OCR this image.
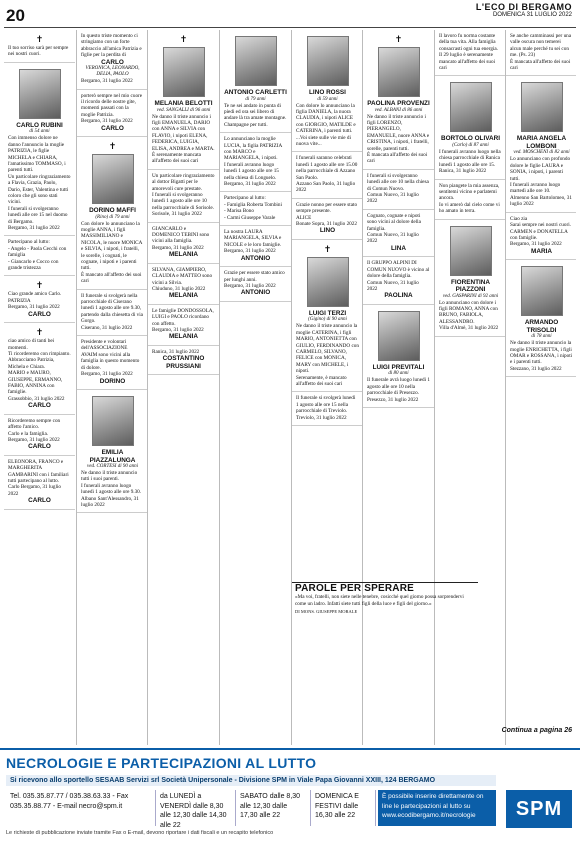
20	L'ECO DI BERGAMO
DOMENICA 31 LUGLIO 2022
✝
Il tuo sorriso sarà per sempre nei nostri cuori.
CARLO RUBINI
di 54 anni
Con immenso dolore ne danno l'annuncio la moglie PATRIZIA, le figlie MICHELA e CHIARA, l'amatissimo TOMMASO, i parenti tutti.
Un particolare ringraziamento a Flavia, Grazia, Paolo, Dario, Ester, Valentina e tutti coloro che gli sono stati vicini.
I funerali si svolgeranno lunedì alle ore 15 nel duomo di Bergamo.
Bergamo, 31 luglio 2022
Partecipano al lutto:
- Angelo - Paola Cecchi con famiglia
- Giancarlo e Cocco con grande tristezza
✝
Ciao grande amico Carlo.
PATRIZIA
Bergamo, 31 luglio 2022
CARLO
✝
ciao amico di tanti bei momenti.
Ti ricorderemo con rimpianto.
Abbracciamo Patrizia, Michela e Chiara.
MARIO e MAURO, GIUSEPPE, ERMANNO, FABIO, ANNINA con famiglie.
Grassobbio, 31 luglio 2022
CARLO
Ricorderemo sempre con affetto l'amico.
Carlo e la famiglia.
Bergamo, 31 luglio 2022
CARLO
ELEONORA, FRANCO e MARGHERITA GAMBARINI con i familiari tutti partecipano al lutto.
Carlo Bergamo, 31 luglio 2022
CARLO
In questo triste momento ci stringiamo con un forte abbraccio all'amica Patrizia e figlie per la perdita di
CARLO
VERONICA, LEONARDO, DELIA, PAOLO
Bergamo, 31 luglio 2022
porterò sempre nel mio cuore il ricordo delle nostre gite, momenti passati con la moglie Patrizia.
Bergamo, 31 luglio 2022
CARLO
✝
DORINO MAFFI
(Rino) di 79 anni
Con dolore lo annunciano la moglie ANNA, i figli MASSIMILIANO e NICOLA, le nuore MONICA e SILVIA, i nipoti, i fratelli, le sorelle, i cognati, le cognate, i nipoti e i parenti tutti.
È mancato all'affetto dei suoi cari
Il funerale si svolgerà nella parrocchiale di Ciserano lunedì 1 agosto alle ore 9.30, partendo dalla chiesetta di via Gorgo.
Ciserano, 31 luglio 2022
Presidente e volontari dell'ASSOCIAZIONE AVAIM sono vicini alla famiglia in questo momento di dolore.
Bergamo, 31 luglio 2022
DORINO
EMILIA PIAZZALUNGA
ved. CORTESI di 90 anni
Ne danno il triste annuncio tutti i suoi parenti.
I funerali avranno luogo lunedì 1 agosto alle ore 9.30.
Albano Sant'Alessandro, 31 luglio 2022
✝
MELANIA BELOTTI
ved. SANGALLI di 96 anni
Ne danno il triste annuncio i figli EMANUELA, DARIO con ANNA e SILVIA con FLAVIO, i nipoti ELENA, FEDERICA, LUIGIA, ELISA, ANDREA e MARTA.
È serenamente mancata all'affetto dei suoi cari
Un particolare ringraziamento al dottor Bigatti per le amorevoli cure prestate.
I funerali si svolgeranno lunedì 1 agosto alle ore 10 nella parrocchiale di Sorisole.
Sorisole, 31 luglio 2022
GIANCARLO e DOMENICO TEBINI sono vicini alla famiglia.
Bergamo, 31 luglio 2022
MELANIA
SILVANA, GIAMPIERO, CLAUDIA e MATTEO sono vicini a Silvia.
Chiuduno, 31 luglio 2022
MELANIA
Le famiglie DONDOSSOLA, LUIGI e PAOLO ricordano con affetto.
Bergamo, 31 luglio 2022
MELANIA
Ranica, 31 luglio 2022
COSTANTINO PRUSSIANI
ANTONIO CARLETTI
di 79 anni
Te ne sei andato in punta di piedi ed ora sei libero di andare là tra amate montagne.
Champagne per tutti.
Lo annunciano la moglie LUCIA, la figlia PATRIZIA con MARCO e MARIANGELA, i nipoti.
I funerali avranno luogo lunedì 1 agosto alle ore 15 nella chiesa di Longuelo.
Bergamo, 31 luglio 2022
Partecipano al lutto:
- Famiglia Roberta Tombini
- Marisa Bono
- Carmi Giuseppe Varale
La nostra LAURA MARIANGELA, SILVIA e NICOLE e le loro famiglie.
Bergamo, 31 luglio 2022
ANTONIO
Grazie per essere stato amico per lunghi anni.
Bergamo, 31 luglio 2022
ANTONIO
LINO ROSSI
di 59 anni
Con dolore lo annunciano la figlia DANIELA, la nuora CLAUDIA, i nipoti ALICE con GIORGIO, MATILDE e CATERINA, i parenti tutti.
...Voi siete sulle vie mie di nuova vite...
I funerali saranno celebrati lunedì 1 agosto alle ore 15.00 nella parrocchiale di Azzano San Paolo.
Azzano San Paolo, 31 luglio 2022
Grazie nonno per essere stato sempre presente.
ALICE
Bonate Sopra, 31 luglio 2022
LINO
✝
LUIGI TERZI
(Gigino) di 90 anni
Ne danno il triste annuncio la moglie CATERINA, i figli MARIO, ANTONIETTA con GIULIO, FERDINANDO con CARMELO, SILVANO, FELICE con MONICA, MARY con MICHELE, i nipoti.
Serenamente, è mancato all'affetto dei suoi cari
Il funerale si svolgerà lunedì 1 agosto alle ore 15 nella parrocchiale di Treviolo.
Treviolo, 31 luglio 2022
✝
PAOLINA PROVENZI
ved. ALBANI di 86 anni
Ne danno il triste annuncio i figli LORENZO, PIERANGELO, EMANUELE, nuore ANNA e CRISTINA, i nipoti, i fratelli, sorelle, parenti tutti.
È mancata all'affetto dei suoi cari
I funerali si svolgeranno lunedì alle ore 10 nella chiesa di Comun Nuovo.
Comun Nuovo, 31 luglio 2022
Cognato, cognate e nipoti sono vicini al dolore della famiglia.
Comun Nuovo, 31 luglio 2022
LINA
Il GRUPPO ALPINI DI COMUN NUOVO è vicino al dolore della famiglia.
Comun Nuovo, 31 luglio 2022
PAOLINA
LUIGI PREVITALI
di 80 anni
Il funerale avrà luogo lunedì 1 agosto alle ore 10 nella parrocchiale di Presezzo.
Presezzo, 31 luglio 2022
Il lavoro fu norma costante della tua vita. Alla famiglia consacrasti ogni tua energia.
Il 29 luglio è serenamente mancato all'affetto dei suoi cari
BORTOLO OLIVARI
(Carlo) di 87 anni
I funerali avranno luogo nella chiesa parrocchiale di Ranica lunedì 1 agosto alle ore 15.
Ranica, 31 luglio 2022
Non piangete la mia assenza, sentitemi vicino e parlatemi ancora.
Io vi amerò dal cielo come vi ho amato in terra.
FIORENTINA PIAZZONI
ved. GASPARINI di 92 anni
Lo annunciano con dolore i figli ROMANO, ANNA con BRUNO, FABIOLA, ALESSANDRO.
Villa d'Almè, 31 luglio 2022
Se anche camminassi per una valle oscura non temerei alcun male perché tu sei con me. (Ps. 23)
È mancata all'affetto dei suoi cari
MARIA ANGELA LOMBONI
ved. MOSCHENI di 82 anni
Lo annunciano con profondo dolore le figlie LAURA e SONIA, i nipoti, i parenti tutti.
I funerali avranno luogo martedì alle ore 10.
Almenno San Bartolomeo, 31 luglio 2022
Ciao zia
Sarai sempre nei nostri cuori.
CARMEN e DONATELLA con famiglie.
Bergamo, 31 luglio 2022
MARIA
ARMANDO TRISOLDI
di 78 anni
Ne danno il triste annuncio la moglie ENRICHETTA, i figli OMAR e ROSSANA, i nipoti e i parenti tutti.
Stezzano, 31 luglio 2022
PAROLE PER SPERARE
«Ma voi, fratelli, non siete nelle tenebre, cosicché quel giorno possa sorprendervi come un ladro. Infatti siete tutti figli della luce e figli del giorno.»
DI MONS. GIUSEPPE MORALE
Continua a pagina 26
NECROLOGIE E PARTECIPAZIONI AL LUTTO
Si ricevono allo sportello SESAAB Servizi srl Società Unipersonale - Divisione SPM in Viale Papa Giovanni XXIII, 124 BERGAMO
Tel. 035.35.87.77 / 035.38.63.33 - Fax 035.35.88.77 - E-mail necro@spm.it
da LUNEDÌ a VENERDÌ dalle 8,30 alle 12,30 dalle 14,30 alle 22
SABATO dalle 8,30 alle 12,30 dalle 17,30 alle 22
DOMENICA E FESTIVI dalle 16,30 alle 22
È possibile inserire direttamente on line le partecipazioni al lutto su www.ecodibergamo.it/necrologie
Le richieste di pubblicazione inviate tramite Fax o E-mail, devono riportare i dati fiscali e un recapito telefonico
SPM
